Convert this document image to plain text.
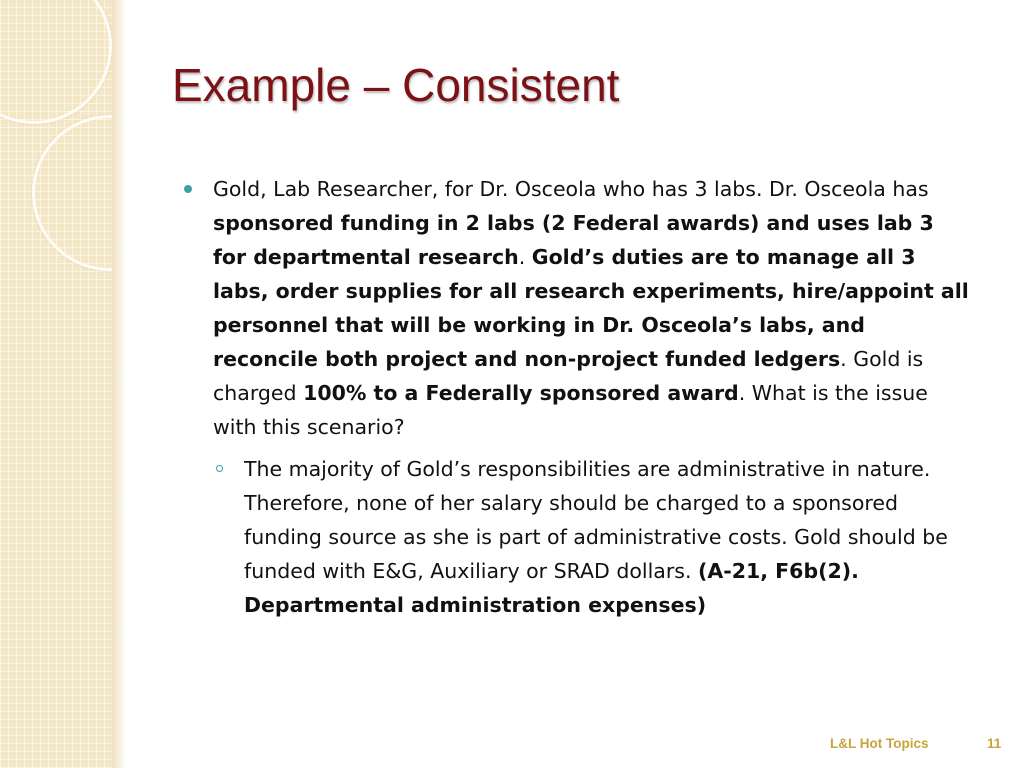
Example – Consistent

Gold, Lab Researcher, for Dr. Osceola who has 3 labs. Dr. Osceola has sponsored funding in 2 labs (2 Federal awards) and uses lab 3 for departmental research. Gold’s duties are to manage all 3 labs, order supplies for all research experiments, hire/appoint all personnel that will be working in Dr. Osceola’s labs, and reconcile both project and non-project funded ledgers. Gold is charged 100% to a Federally sponsored award. What is the issue with this scenario?

The majority of Gold’s responsibilities are administrative in nature. Therefore, none of her salary should be charged to a sponsored funding source as she is part of administrative costs. Gold should be funded with E&G, Auxiliary or SRAD dollars. (A-21, F6b(2). Departmental administration expenses)

L&L Hot Topics	11
